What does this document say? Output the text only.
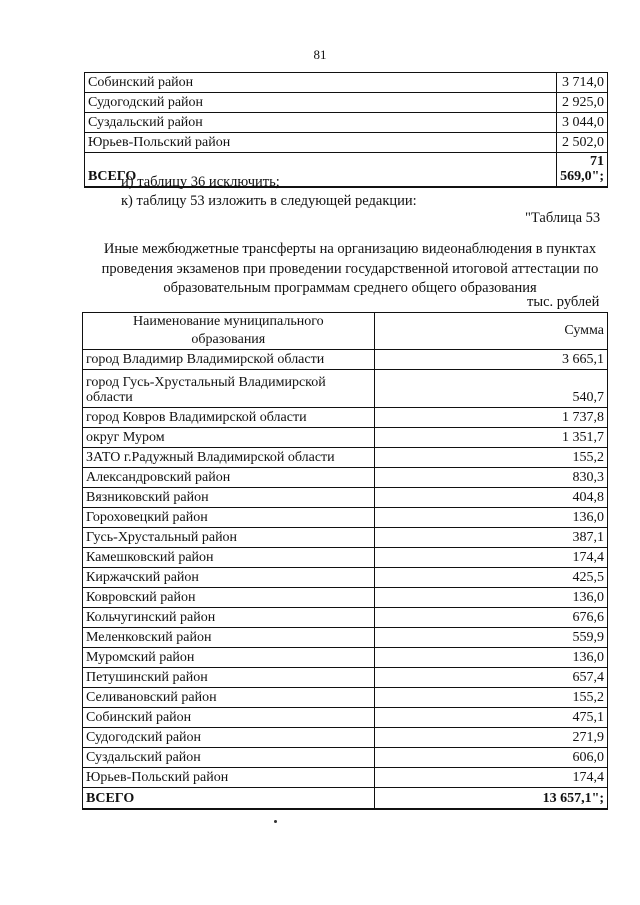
81
Собинский район	3 714,0
Судогодский район	2 925,0
Суздальский район	3 044,0
Юрьев-Польский район	2 502,0
ВСЕГО	71 569,0";
и) таблицу 36 исключить;
к) таблицу 53 изложить в следующей редакции:
"Таблица 53
Иные межбюджетные трансферты на организацию видеонаблюдения в пунктах
проведения экзаменов при проведении государственной итоговой аттестации по
образовательным программам среднего общего образования
тыс. рублей
Наименование муниципального
образования	Сумма
город Владимир Владимирской области	3 665,1

город Гусь-Хрустальный Владимирской
области	540,7
город Ковров Владимирской области	1 737,8
округ Муром	1 351,7
ЗАТО г.Радужный Владимирской области	155,2
Александровский район	830,3
Вязниковский район	404,8
Гороховецкий район	136,0
Гусь-Хрустальный район	387,1
Камешковский район	174,4
Киржачский район	425,5
Ковровский район	136,0
Кольчугинский район	676,6
Меленковский район	559,9
Муромский район	136,0
Петушинский район	657,4
Селивановский район	155,2
Собинский район	475,1
Судогодский район	271,9
Суздальский район	606,0
Юрьев-Польский район	174,4
ВСЕГО	13 657,1";
